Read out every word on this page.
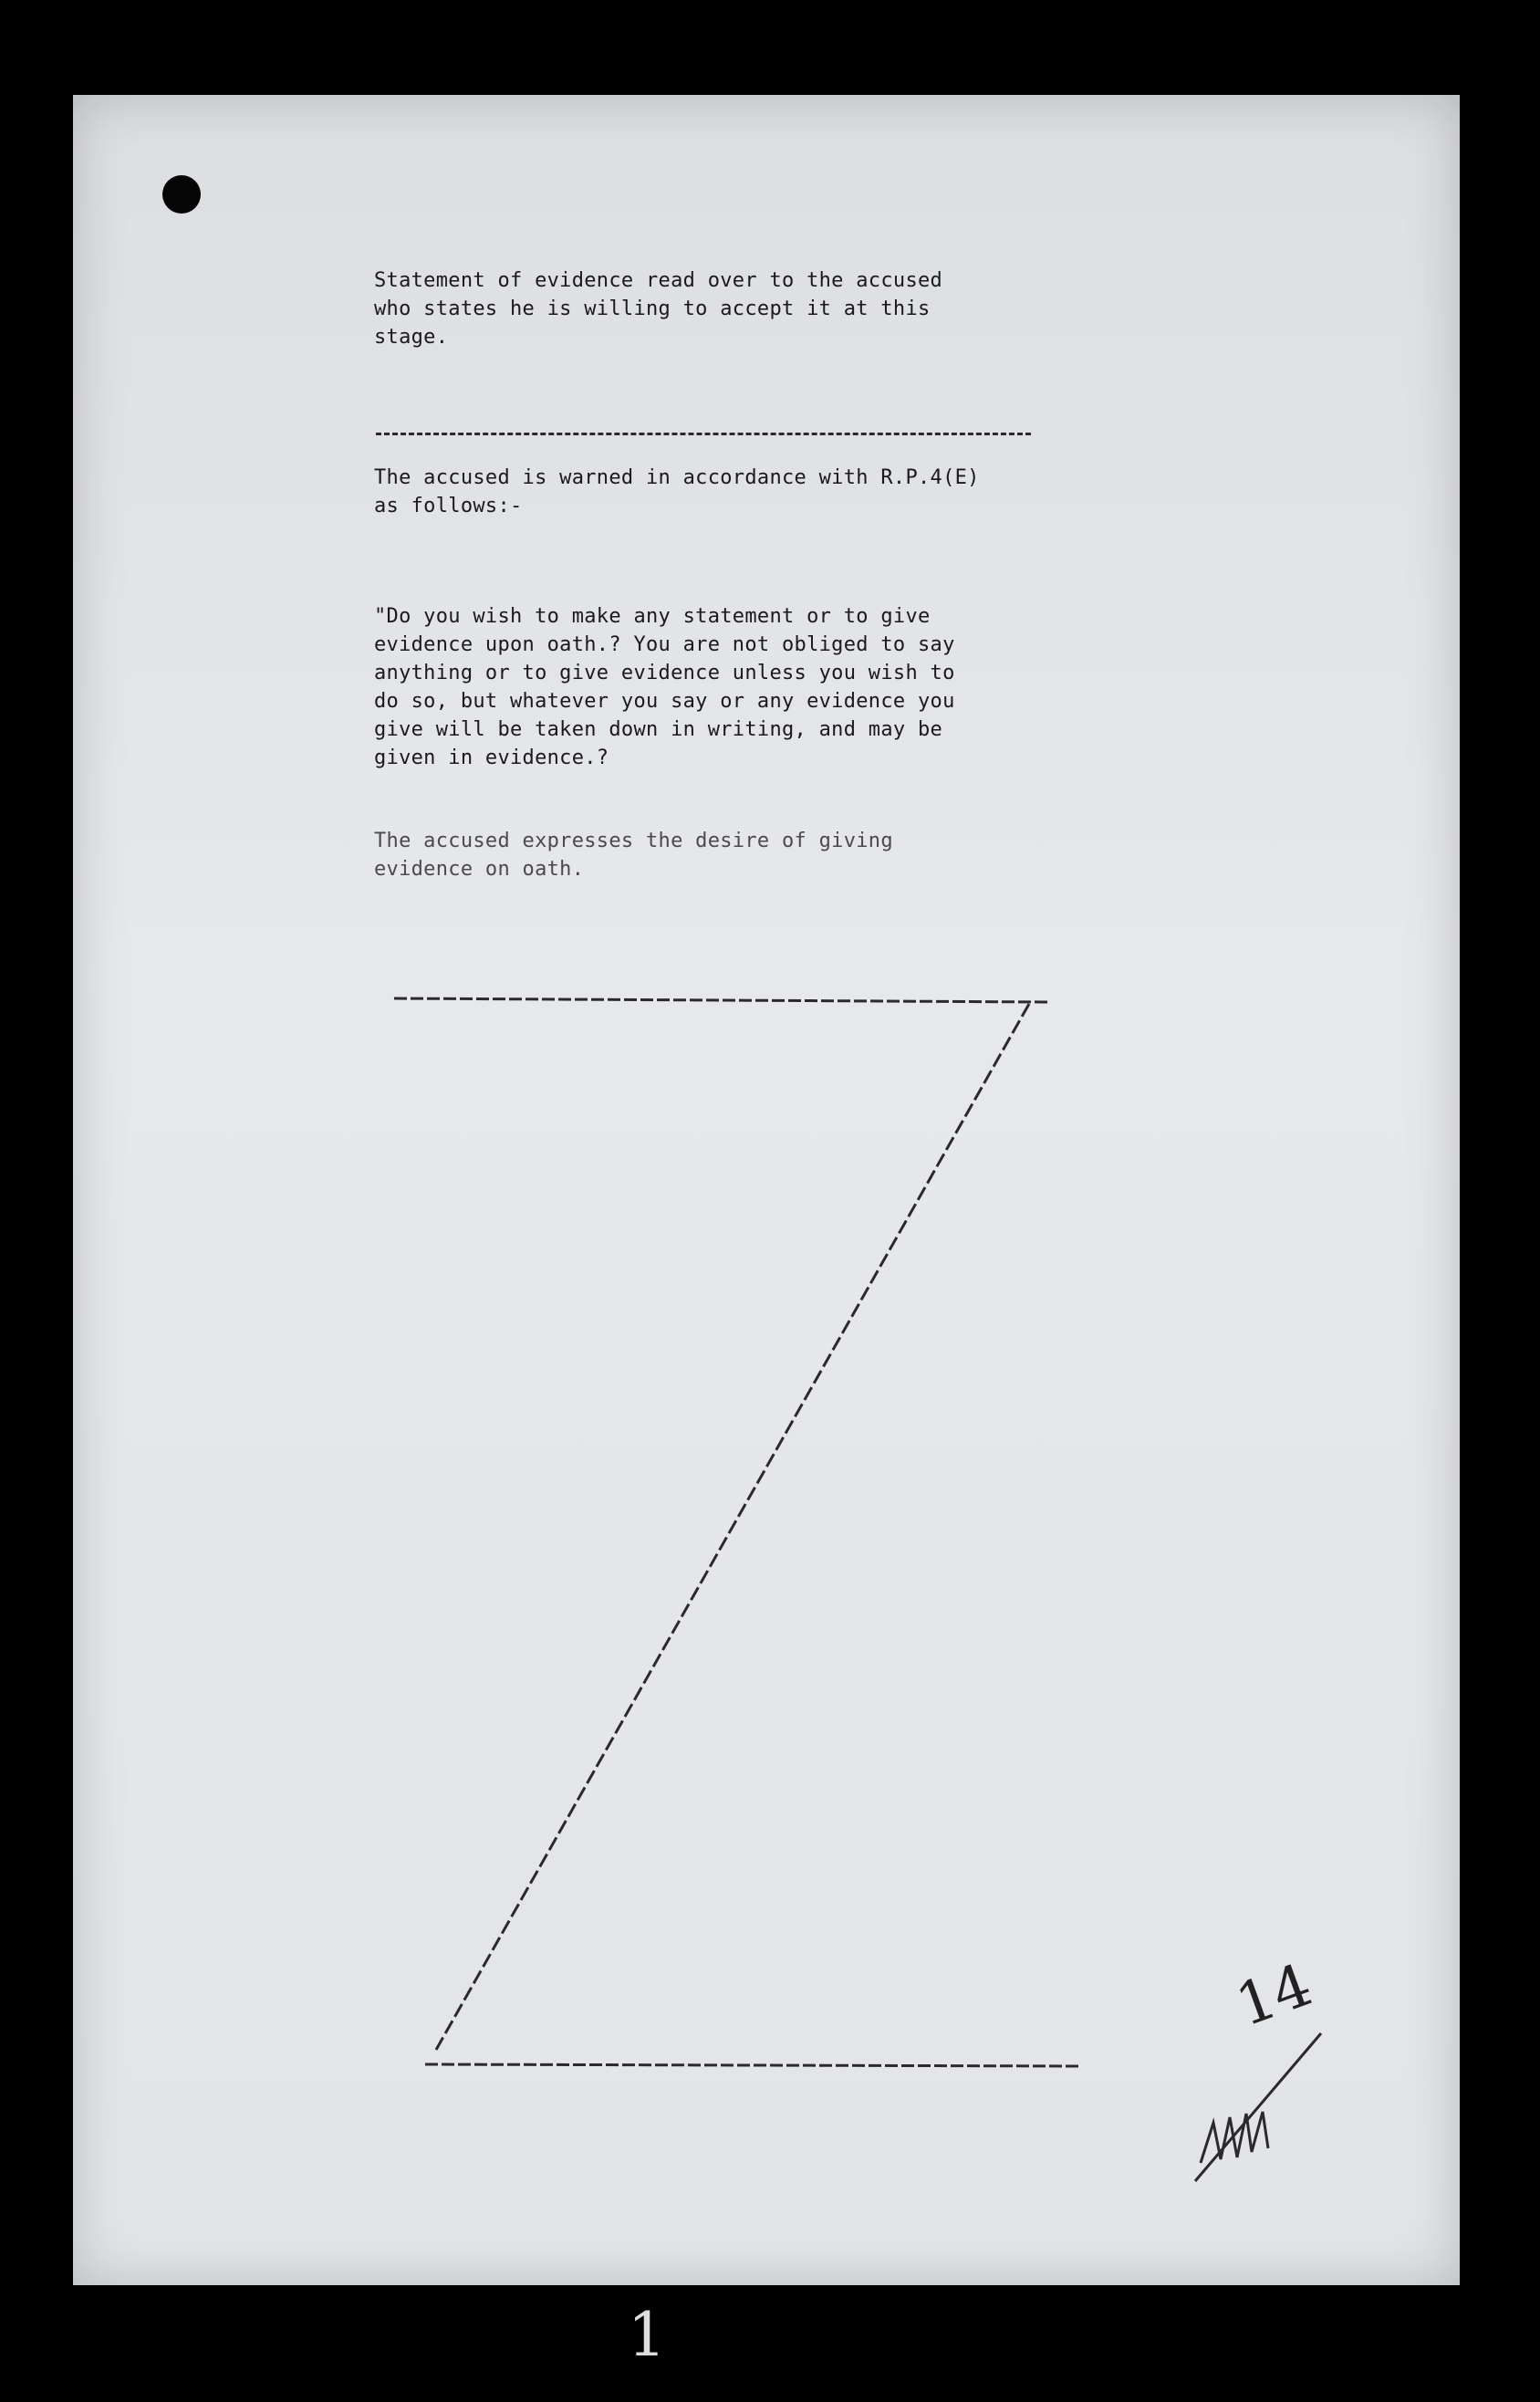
Statement of evidence read over to the accused
who states he is willing to accept it at this
stage.
The accused is warned in accordance with R.P.4(E)
as follows:-
"Do you wish to make any statement or to give
evidence upon oath.? You are not obliged to say
anything or to give evidence unless you wish to
do so, but whatever you say or any evidence you
give will be taken down in writing, and may be
given in evidence.?
The accused expresses the desire of giving
evidence on oath.
14
1
